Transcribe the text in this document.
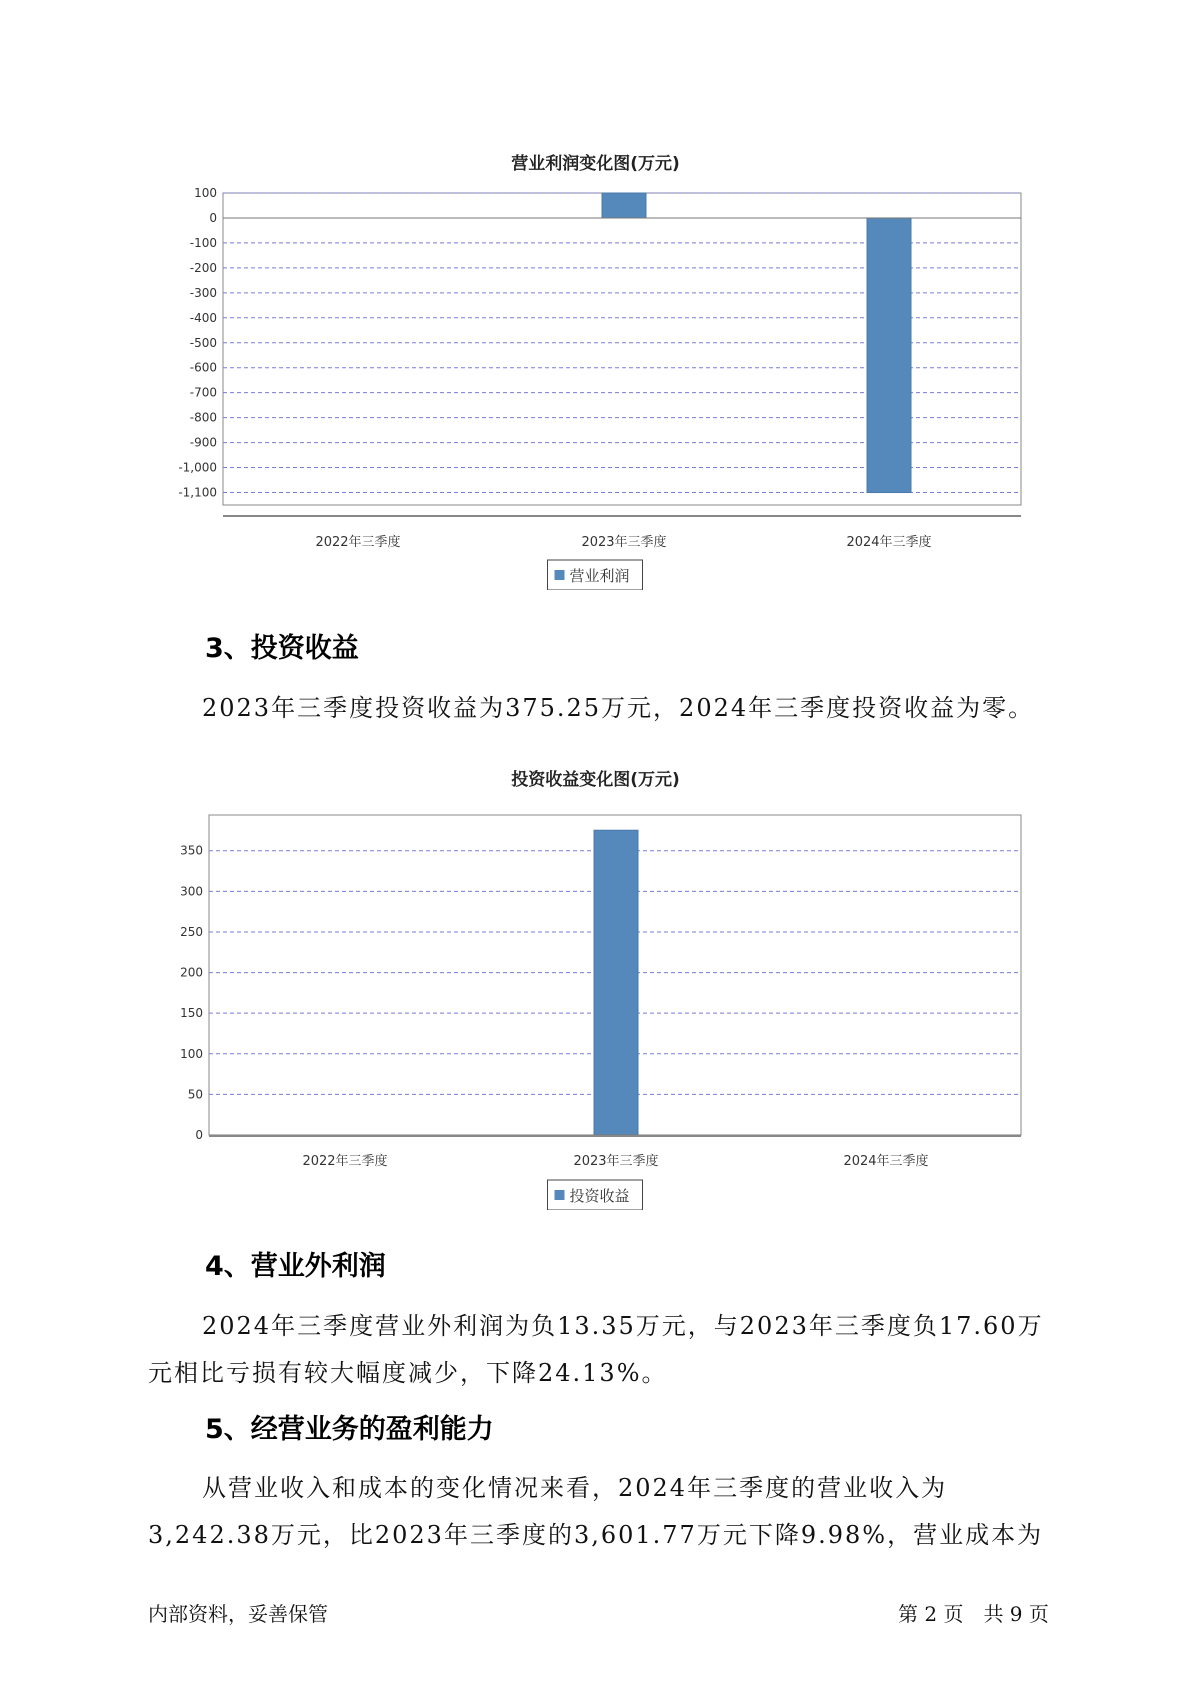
营业利润变化图(万元)
100
0
-100
-200
-300
-400
-500
-600
-700
-800
-900
-1,000
-1,100
2022年三季度	2023年三季度	2024年三季度
营业利润
3、投资收益
2023年三季度投资收益为375.25万元，2024年三季度投资收益为零。
投资收益变化图(万元)
0
50
100
150
200
250
300
350
2022年三季度	2023年三季度	2024年三季度
投资收益
4、营业外利润
2024年三季度营业外利润为负13.35万元，与2023年三季度负17.60万
元相比亏损有较大幅度减少，下降24.13%。
5、经营业务的盈利能力
从营业收入和成本的变化情况来看，2024年三季度的营业收入为
3,242.38万元，比2023年三季度的3,601.77万元下降9.98%，营业成本为
内部资料，妥善保管	第 2 页　共 9 页
